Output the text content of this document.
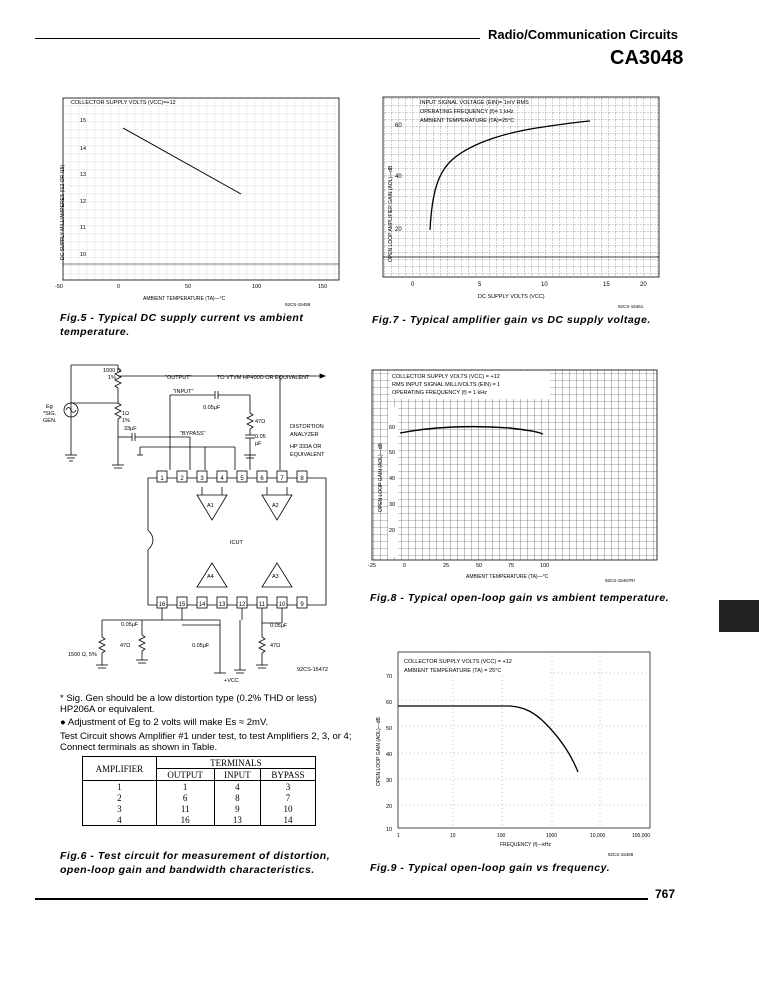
Radio/Communication Circuits
CA3048
COLLECTOR SUPPLY VOLTS (VCC)=+12
DC SUPPLY MILLIAMPERES (I12 OR I15)
15
14
13
12
11
10
-50	0	50	100	150
AMBIENT TEMPERATURE (TA)—°C
92CS-15458
Fig.5 - Typical DC supply current vs ambient temperature.
INPUT SIGNAL VOLTAGE (EIN)= 1mV RMS
OPERATING FREQUENCY (f)= 1 kHz
AMBIENT TEMPERATURE (TA)=25°C
OPEN LOOP AMPLIFIER GAIN (AOL)—dB
60
40
20
0	5	10	15	20
DC SUPPLY VOLTS (VCC)
92CS-15461
Fig.7 - Typical amplifier gain vs DC supply voltage.
1	2	3	4	5	6	7	8
16 15 14 13 12 11 10 9
1000 Ω
1%	"OUTPUT"	TO VTVM HP400D OR EQUIVALENT
"INPUT"
0.05μF
Eg
*SIG.
GEN.
1Ω
1%
33μF
"BYPASS"
47Ω
0.05
μF
DISTORTION
ANALYZER
HP 333A OR
EQUIVALENT
ICUT
A1	A2
A4	A3
0.05μF
47Ω	0.05μF
0.05μF
47Ω
1500 Ω, 5%
+VCC
92CS-15472
* Sig. Gen should be a low distortion type (0.2% THD or less) HP206A or equivalent.
● Adjustment of Eg to 2 volts will make Es ≈ 2mV.
Test Circuit shows Amplifier #1 under test, to test Amplifiers 2, 3, or 4; Connect terminals as shown in Table.
AMPLIFIER	TERMINALS		
	OUTPUT	INPUT	BYPASS
1	1	4	3
2	6	8	7
3	11	9	10
4	16	13	14
Fig.6 - Test circuit for measurement of distortion, open-loop gain and bandwidth characteristics.
COLLECTOR SUPPLY VOLTS (VCC) = +12
RMS INPUT SIGNAL MILLIVOLTS (EIN) = 1
OPERATING FREQUENCY (f) = 1 kHz
OPEN LOOP GAIN (AOL)—dB
60
50
40
30
20
-25	0	25	50	75	100
AMBIENT TEMPERATURE (TA)—°C
92CS-15467RI
Fig.8 - Typical open-loop gain vs ambient temperature.
COLLECTOR SUPPLY VOLTS (VCC) = +12
AMBIENT TEMPERATURE (TA) = 25°C
OPEN LOOP GAIN (AOL)—dB
70
60
50
40
30
20
10
1	10	100	1000	10,000	100,000
FREQUENCY (f)—kHz
92CS-15468
Fig.9 - Typical open-loop gain vs frequency.
767
